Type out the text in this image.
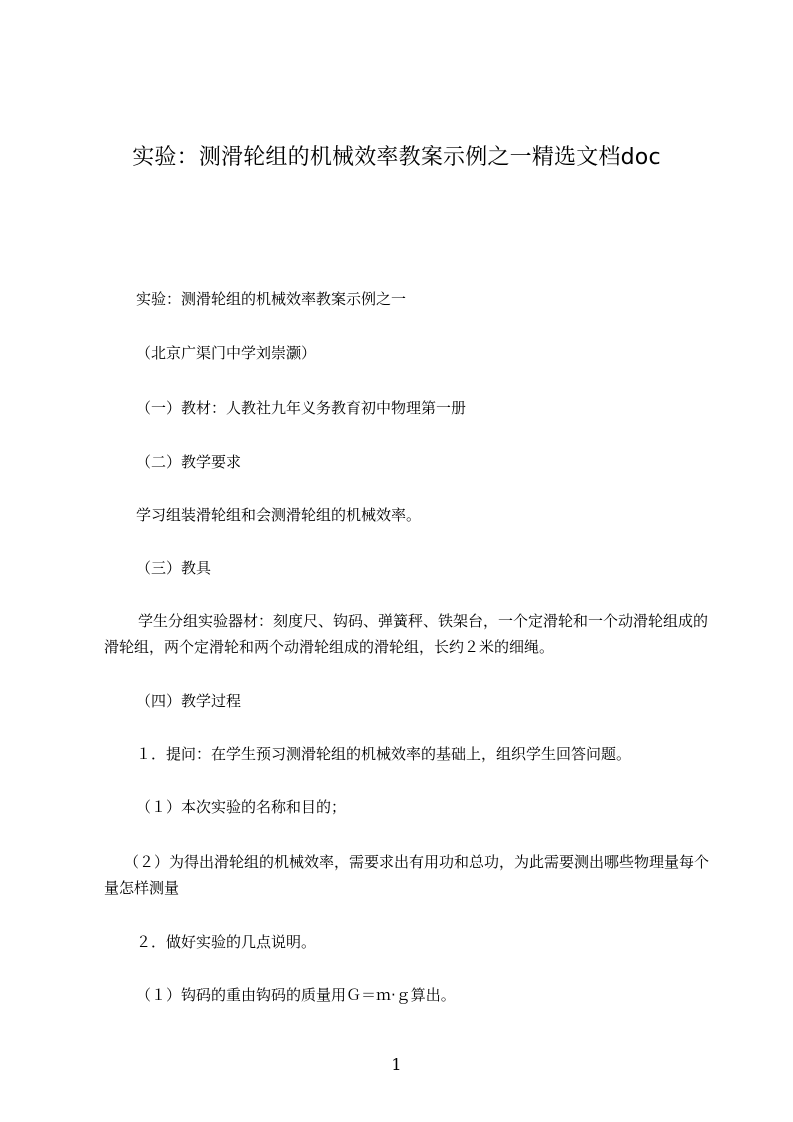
实验：测滑轮组的机械效率教案示例之一精选文档doc
实验：测滑轮组的机械效率教案示例之一
（北京广渠门中学刘崇灏）
（一）教材：人教社九年义务教育初中物理第一册
（二）教学要求
学习组装滑轮组和会测滑轮组的机械效率。
（三）教具
学生分组实验器材：刻度尺、钩码、弹簧秤、铁架台，一个定滑轮和一个动滑轮组成的滑轮组，两个定滑轮和两个动滑轮组成的滑轮组，长约２米的细绳。
（四）教学过程
１．提问：在学生预习测滑轮组的机械效率的基础上，组织学生回答问题。
（１）本次实验的名称和目的；
（２）为得出滑轮组的机械效率，需要求出有用功和总功，为此需要测出哪些物理量每个量怎样测量
２．做好实验的几点说明。
（１）钩码的重由钩码的质量用Ｇ＝ｍ·ｇ算出。
1
